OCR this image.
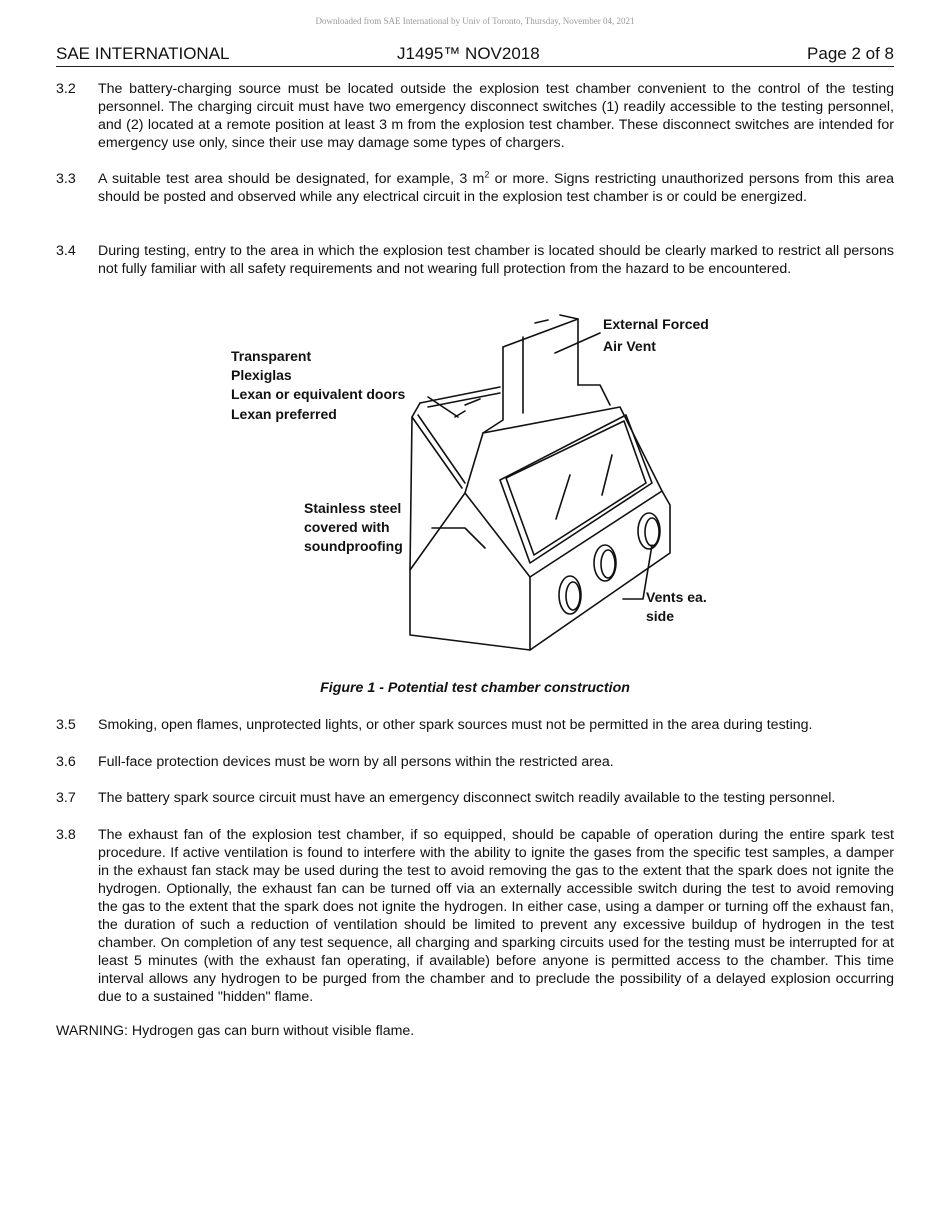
Downloaded from SAE International by Univ of Toronto, Thursday, November 04, 2021
SAE INTERNATIONAL	J1495™ NOV2018	Page 2 of 8
3.2	The battery-charging source must be located outside the explosion test chamber convenient to the control of the testing personnel. The charging circuit must have two emergency disconnect switches (1) readily accessible to the testing personnel, and (2) located at a remote position at least 3 m from the explosion test chamber. These disconnect switches are intended for emergency use only, since their use may damage some types of chargers.
3.3	A suitable test area should be designated, for example, 3 $m^2$ or more. Signs restricting unauthorized persons from this area should be posted and observed while any electrical circuit in the explosion test chamber is or could be energized.
3.4	During testing, entry to the area in which the explosion test chamber is located should be clearly marked to restrict all persons not fully familiar with all safety requirements and not wearing full protection from the hazard to be encountered.
External Forced
Air Vent
Transparent
Plexiglas
Lexan or equivalent doors
Lexan preferred
Stainless steel
covered with
soundproofing
Vents ea.
side
Figure 1 - Potential test chamber construction
3.5	Smoking, open flames, unprotected lights, or other spark sources must not be permitted in the area during testing.
3.6	Full-face protection devices must be worn by all persons within the restricted area.
3.7	The battery spark source circuit must have an emergency disconnect switch readily available to the testing personnel.
3.8	The exhaust fan of the explosion test chamber, if so equipped, should be capable of operation during the entire spark test procedure. If active ventilation is found to interfere with the ability to ignite the gases from the specific test samples, a damper in the exhaust fan stack may be used during the test to avoid removing the gas to the extent that the spark does not ignite the hydrogen. Optionally, the exhaust fan can be turned off via an externally accessible switch during the test to avoid removing the gas to the extent that the spark does not ignite the hydrogen. In either case, using a damper or turning off the exhaust fan, the duration of such a reduction of ventilation should be limited to prevent any excessive buildup of hydrogen in the test chamber. On completion of any test sequence, all charging and sparking circuits used for the testing must be interrupted for at least 5 minutes (with the exhaust fan operating, if available) before anyone is permitted access to the chamber. This time interval allows any hydrogen to be purged from the chamber and to preclude the possibility of a delayed explosion occurring due to a sustained "hidden" flame.
WARNING: Hydrogen gas can burn without visible flame.
